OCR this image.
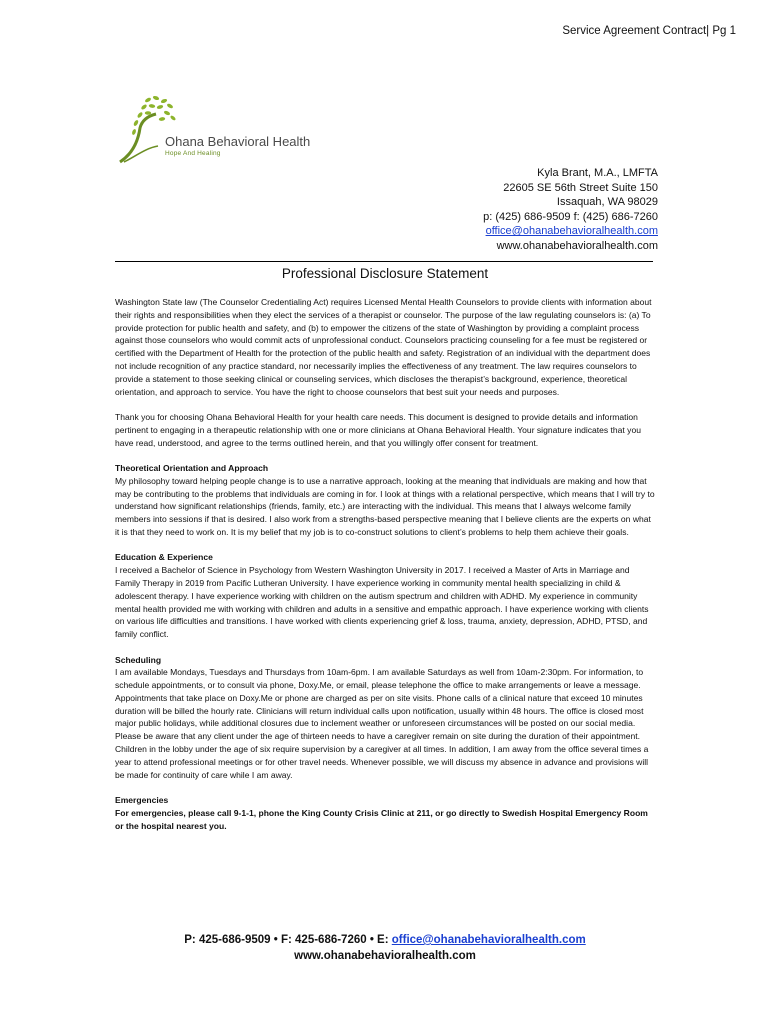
Service Agreement Contract| Pg 1
Ohana Behavioral Health
Hope And Healing
Kyla Brant, M.A., LMFTA
22605 SE 56th Street Suite 150
Issaquah, WA 98029
p: (425) 686-9509 f: (425) 686-7260
office@ohanabehavioralhealth.com
www.ohanabehavioralhealth.com
Professional Disclosure Statement

Washington State law (The Counselor Credentialing Act) requires Licensed Mental Health Counselors to provide clients with information about their rights and responsibilities when they elect the services of a therapist or counselor. The purpose of the law regulating counselors is: (a) To provide protection for public health and safety, and (b) to empower the citizens of the state of Washington by providing a complaint process against those counselors who would commit acts of unprofessional conduct. Counselors practicing counseling for a fee must be registered or certified with the Department of Health for the protection of the public health and safety. Registration of an individual with the department does not include recognition of any practice standard, nor necessarily implies the effectiveness of any treatment. The law requires counselors to provide a statement to those seeking clinical or counseling services, which discloses the therapist’s background, experience, theoretical orientation, and approach to service. You have the right to choose counselors that best suit your needs and purposes.

Thank you for choosing Ohana Behavioral Health for your health care needs. This document is designed to provide details and information pertinent to engaging in a therapeutic relationship with one or more clinicians at Ohana Behavioral Health. Your signature indicates that you have read, understood, and agree to the terms outlined herein, and that you willingly offer consent for treatment.

Theoretical Orientation and Approach

My philosophy toward helping people change is to use a narrative approach, looking at the meaning that individuals are making and how that may be contributing to the problems that individuals are coming in for. I look at things with a relational perspective, which means that I will try to understand how significant relationships (friends, family, etc.) are interacting with the individual. This means that I always welcome family members into sessions if that is desired. I also work from a strengths-based perspective meaning that I believe clients are the experts on what it is that they need to work on. It is my belief that my job is to co-construct solutions to client’s problems to help them achieve their goals.

Education & Experience

I received a Bachelor of Science in Psychology from Western Washington University in 2017. I received a Master of Arts in Marriage and Family Therapy in 2019 from Pacific Lutheran University. I have experience working in community mental health specializing in child & adolescent therapy. I have experience working with children on the autism spectrum and children with ADHD. My experience in community mental health provided me with working with children and adults in a sensitive and empathic approach. I have experience working with clients on various life difficulties and transitions. I have worked with clients experiencing grief & loss, trauma, anxiety, depression, ADHD, PTSD, and family conflict.

Scheduling

I am available Mondays, Tuesdays and Thursdays from 10am-6pm. I am available Saturdays as well from 10am-2:30pm. For information, to schedule appointments, or to consult via phone, Doxy.Me, or email, please telephone the office to make arrangements or leave a message. Appointments that take place on Doxy.Me or phone are charged as per on site visits. Phone calls of a clinical nature that exceed 10 minutes duration will be billed the hourly rate. Clinicians will return individual calls upon notification, usually within 48 hours. The office is closed most major public holidays, while additional closures due to inclement weather or unforeseen circumstances will be posted on our social media. Please be aware that any client under the age of thirteen needs to have a caregiver remain on site during the duration of their appointment. Children in the lobby under the age of six require supervision by a caregiver at all times. In addition, I am away from the office several times a year to attend professional meetings or for other travel needs. Whenever possible, we will discuss my absence in advance and provisions will be made for continuity of care while I am away.

Emergencies

For emergencies, please call 9-1-1, phone the King County Crisis Clinic at 211, or go directly to Swedish Hospital Emergency Room or the hospital nearest you.

P: 425-686-9509 • F: 425-686-7260 • E: office@ohanabehavioralhealth.com
www.ohanabehavioralhealth.com
